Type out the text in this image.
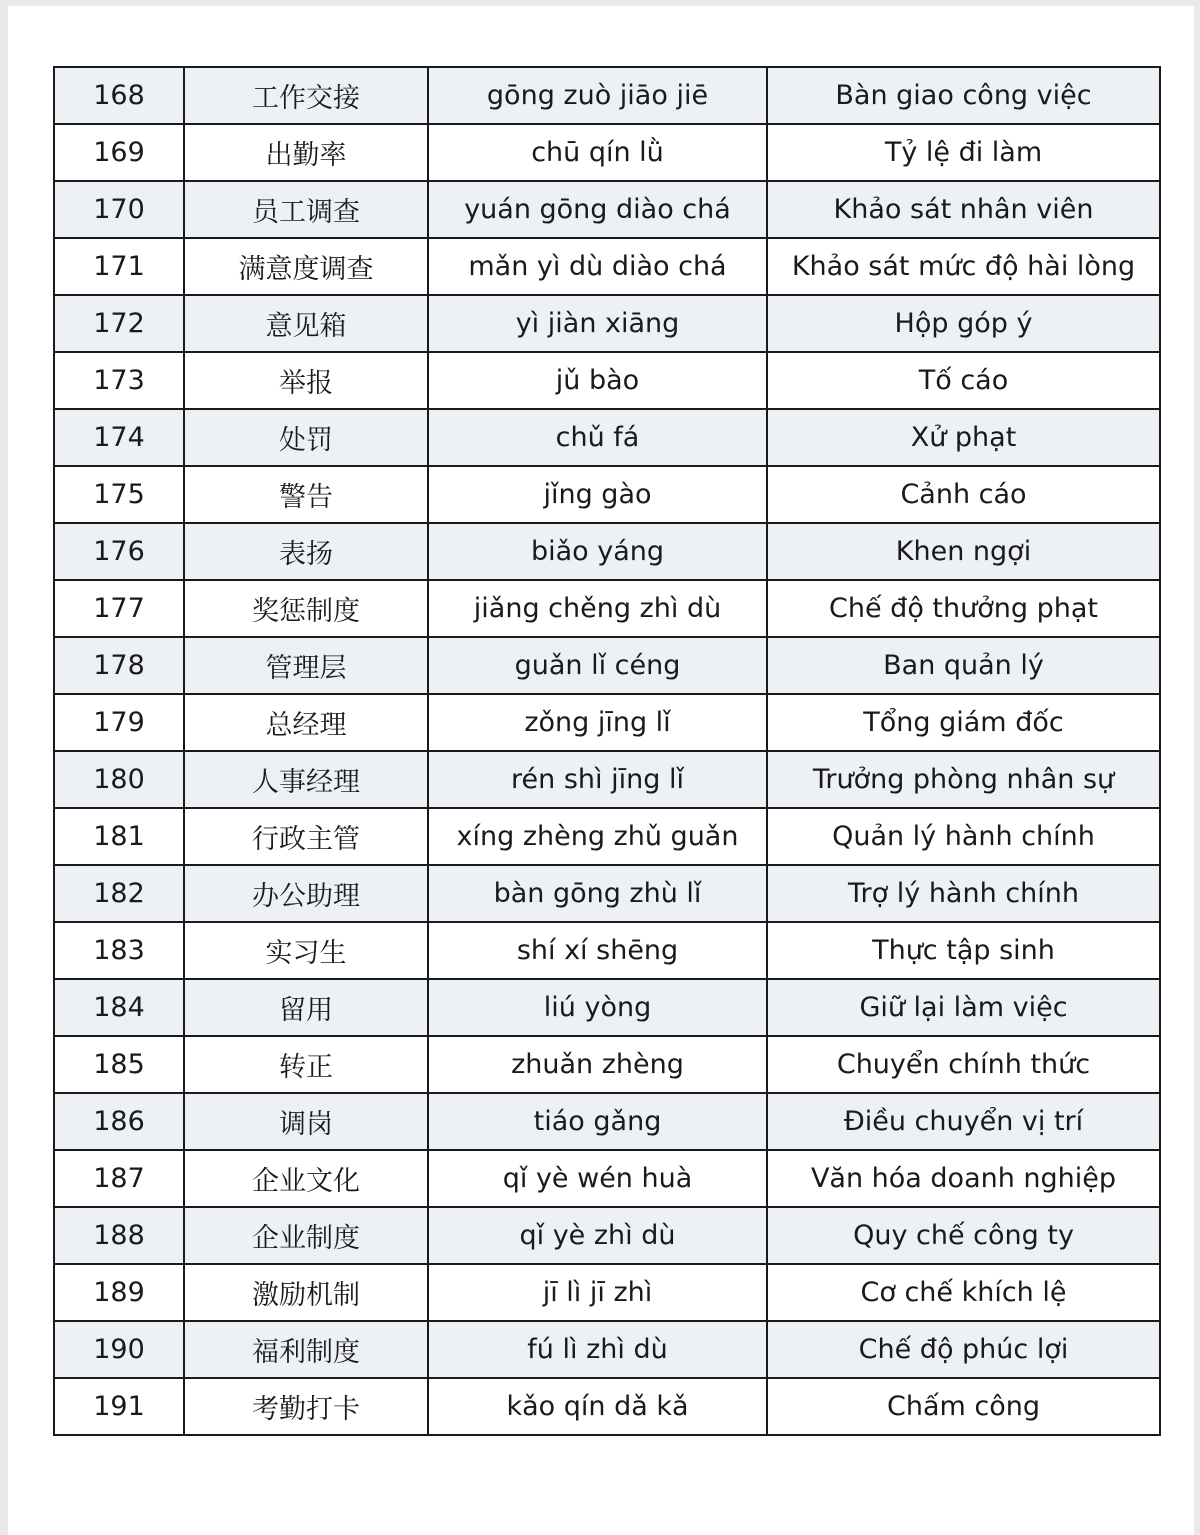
168	工作交接	gōng zuò jiāo jiē	Bàn giao công việc
169	出勤率	chū qín lǜ	Tỷ lệ đi làm
170	员工调查	yuán gōng diào chá	Khảo sát nhân viên
171	满意度调查	mǎn yì dù diào chá	Khảo sát mức độ hài lòng
172	意见箱	yì jiàn xiāng	Hộp góp ý
173	举报	jǔ bào	Tố cáo
174	处罚	chǔ fá	Xử phạt
175	警告	jǐng gào	Cảnh cáo
176	表扬	biǎo yáng	Khen ngợi
177	奖惩制度	jiǎng chěng zhì dù	Chế độ thưởng phạt
178	管理层	guǎn lǐ céng	Ban quản lý
179	总经理	zǒng jīng lǐ	Tổng giám đốc
180	人事经理	rén shì jīng lǐ	Trưởng phòng nhân sự
181	行政主管	xíng zhèng zhǔ guǎn	Quản lý hành chính
182	办公助理	bàn gōng zhù lǐ	Trợ lý hành chính
183	实习生	shí xí shēng	Thực tập sinh
184	留用	liú yòng	Giữ lại làm việc
185	转正	zhuǎn zhèng	Chuyển chính thức
186	调岗	tiáo gǎng	Điều chuyển vị trí
187	企业文化	qǐ yè wén huà	Văn hóa doanh nghiệp
188	企业制度	qǐ yè zhì dù	Quy chế công ty
189	激励机制	jī lì jī zhì	Cơ chế khích lệ
190	福利制度	fú lì zhì dù	Chế độ phúc lợi
191	考勤打卡	kǎo qín dǎ kǎ	Chấm công
